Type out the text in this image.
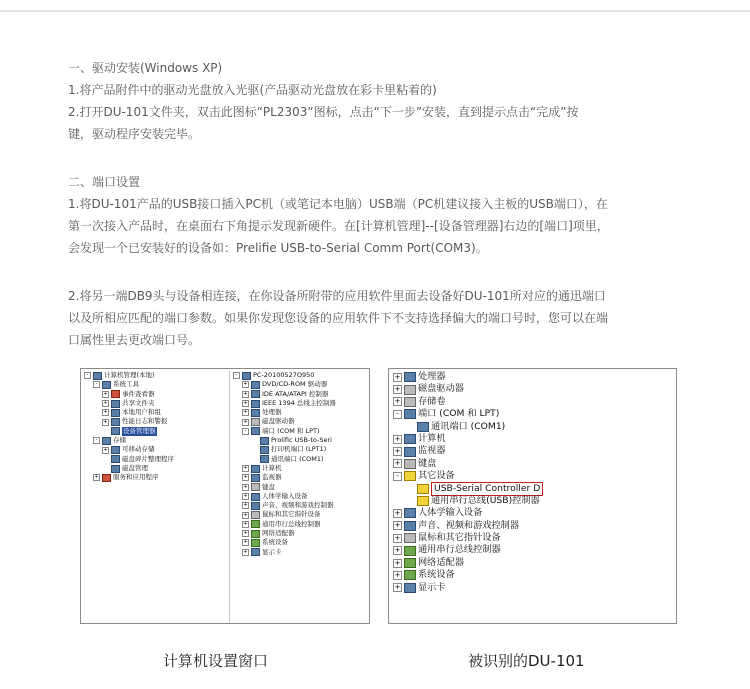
一、驱动安装(Windows XP)

1.将产品附件中的驱动光盘放入光驱(产品驱动光盘放在彩卡里粘着的)

2.打开DU-101文件夹，双击此图标“PL2303”图标，点击“下一步”安装，直到提示点击“完成”按

键，驱动程序安装完毕。

二、端口设置

1.将DU-101产品的USB接口插入PC机（或笔记本电脑）USB端（PC机建议接入主板的USB端口），在

第一次接入产品时，在桌面右下角提示发现新硬件。在[计算机管理]--[设备管理器]右边的[端口]项里，

会发现一个已安装好的设备如：Prelifie USB-to-Serial Comm Port(COM3)。

2.将另一端DB9头与设备相连接，在你设备所附带的应用软件里面去设备好DU-101所对应的通迅端口

以及所相应匹配的端口参数。如果你发现您设备的应用软件下不支持选择偏大的端口号时，您可以在端

口属性里去更改端口号。

-	计算机管理(本地)
-	系统工具
+ 事件查看器
+ 共享文件夹
+ 本地用户和组
+ 性能日志和警报
设备管理器
-	存储
+ 可移动存储
磁盘碎片整理程序
磁盘管理
+ 服务和应用程序
-	PC-20100527O950
+ DVD/CD-ROM 驱动器
+ IDE ATA/ATAPI 控制器
+ IEEE 1394 总线主控制器
+ 处理器
+ 磁盘驱动器
-	端口 (COM 和 LPT)
Prolific USB-to-Seri
打印机端口 (LPT1)
通讯端口 (COM1)
+ 计算机
+ 监视器
+ 键盘
+ 人体学输入设备
+ 声音、视频和游戏控制器
+ 鼠标和其它指针设备
+ 通用串行总线控制器
+ 网络适配器
+ 系统设备
+ 显示卡
+ 处理器
+ 磁盘驱动器
+ 存储卷
-	端口 (COM 和 LPT)
通讯端口 (COM1)
+ 计算机
+ 监视器
+ 键盘
-	其它设备
USB-Serial Controller D
通用串行总线(USB)控制器
+ 人体学输入设备
+ 声音、视频和游戏控制器
+ 鼠标和其它指针设备
+ 通用串行总线控制器
+ 网络适配器
+ 系统设备
+ 显示卡
计算机设置窗口	被识别的DU-101
